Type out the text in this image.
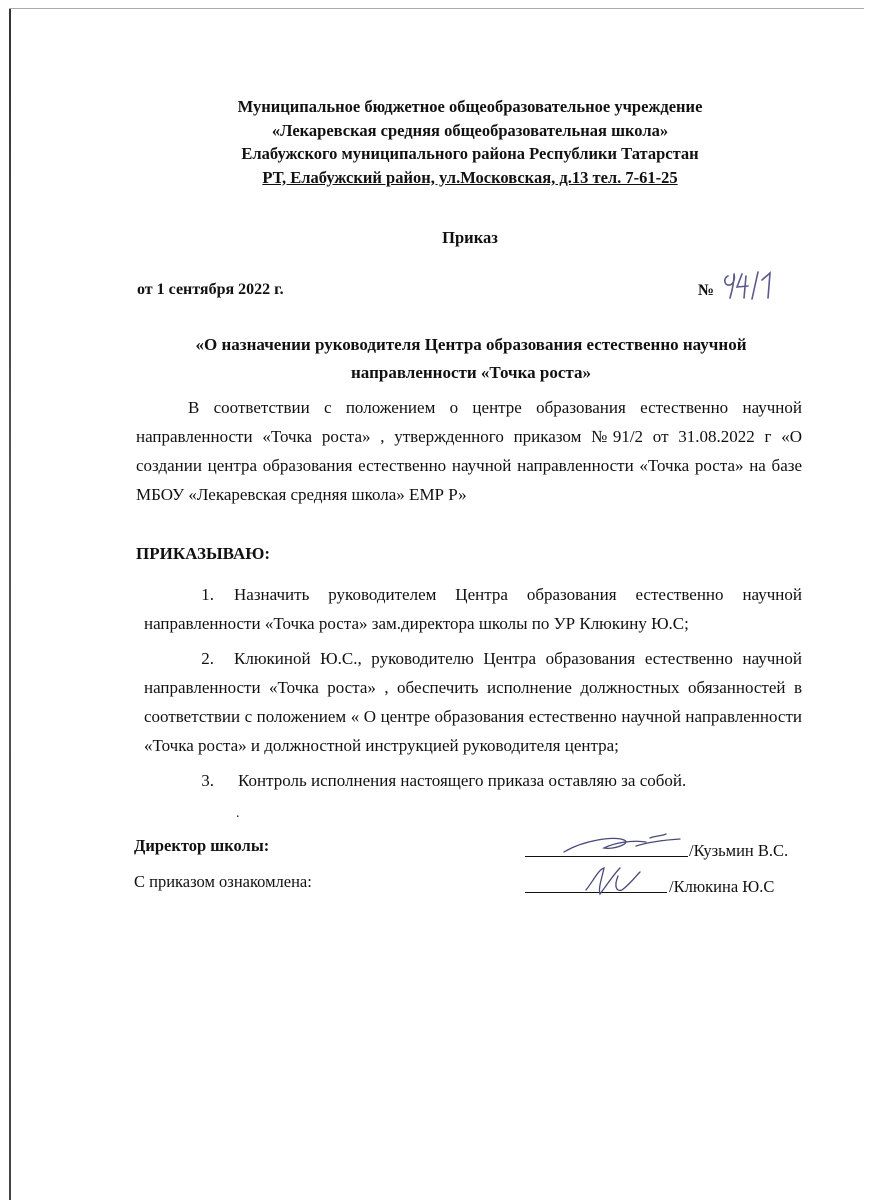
Муниципальное бюджетное общеобразовательное учреждение
«Лекаревская средняя общеобразовательная школа»
Елабужского муниципального района Республики Татарстан
РТ, Елабужский район, ул.Московская, д.13 тел. 7-61-25
Приказ
от 1 сентября 2022 г.	№
«О назначении руководителя Центра образования естественно научной
направленности «Точка роста»
В соответствии с положением о центре образования естественно научной направленности «Точка роста» , утвержденного приказом №91/2 от 31.08.2022 г «О создании центра образования естественно научной направленности «Точка роста» на базе МБОУ «Лекаревская средняя школа» ЕМР Р»
ПРИКАЗЫВАЮ:
1. Назначить руководителем Центра образования естественно научной направленности «Точка роста» зам.директора школы по УР Клюкину Ю.С;
2. Клюкиной Ю.С., руководителю Центра образования естественно научной направленности «Точка роста» , обеспечить исполнение должностных обязанностей в соответствии с положением « О центре образования естественно научной направленности «Точка роста» и должностной инструкцией руководителя центра;
3. Контроль исполнения настоящего приказа оставляю за собой.
.
Директор школы:	/Кузьмин В.С.
С приказом ознакомлена:	/Клюкина Ю.С
